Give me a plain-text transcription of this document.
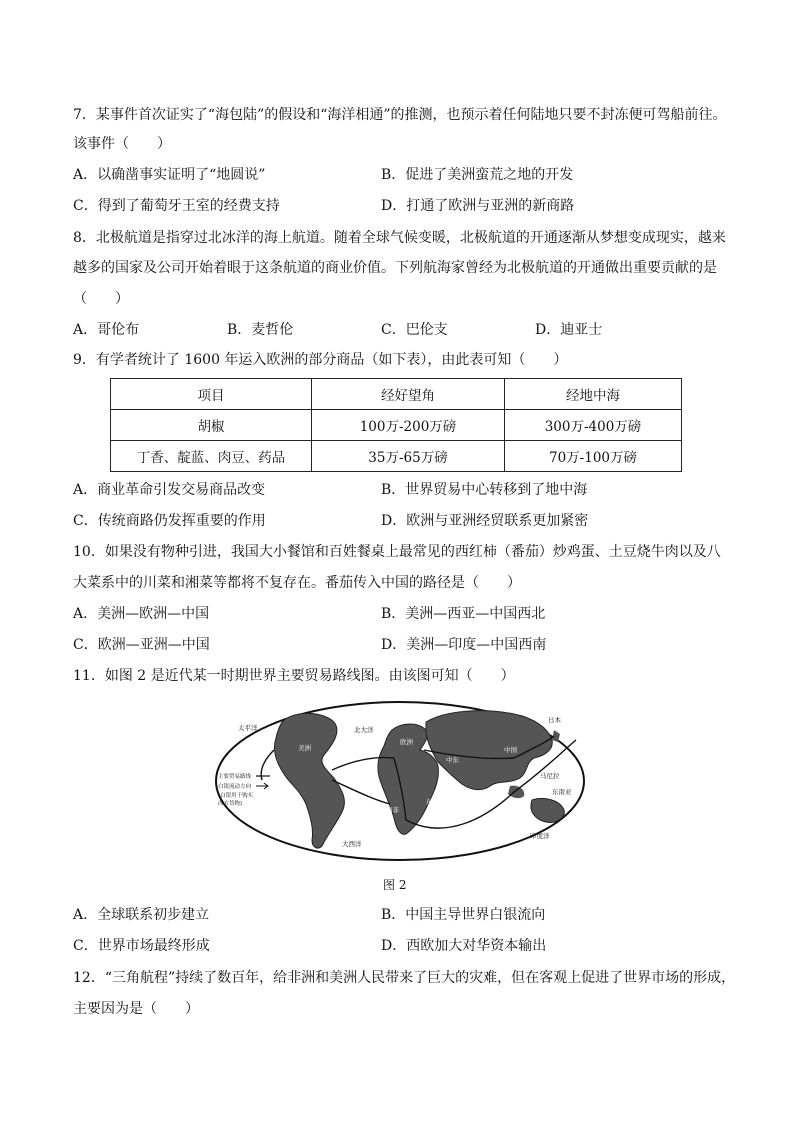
7．某事件首次证实了“海包陆”的假设和“海洋相通”的推测，也预示着任何陆地只要不封冻便可驾船前往。
该事件（　　）
A．以确凿事实证明了“地圆说”	B．促进了美洲蛮荒之地的开发
C．得到了葡萄牙王室的经费支持	D．打通了欧洲与亚洲的新商路
8．北极航道是指穿过北冰洋的海上航道。随着全球气候变暖，北极航道的开通逐渐从梦想变成现实，越来
越多的国家及公司开始着眼于这条航道的商业价值。下列航海家曾经为北极航道的开通做出重要贡献的是
（　　）
A．哥伦布	B．麦哲伦	C．巴伦支	D．迪亚士
9．有学者统计了 1600 年运入欧洲的部分商品（如下表），由此表可知（　　）
项目	经好望角	经地中海
胡椒	100万-200万磅	300万-400万磅
丁香、靛蓝、肉豆、药品	35万-65万磅	70万-100万磅
A．商业革命引发交易商品改变	B．世界贸易中心转移到了地中海
C．传统商路仍发挥重要的作用	D．欧洲与亚洲经贸联系更加紧密
10．如果没有物种引进，我国大小餐馆和百姓餐桌上最常见的西红柿（番茄）炒鸡蛋、土豆烧牛肉以及八
大菜系中的川菜和湘菜等都将不复存在。番茄传入中国的路径是（　　）
A．美洲—欧洲—中国	B．美洲—西亚—中国西北
C．欧洲—亚洲—中国	D．美洲—印度—中国西南
11．如图 2 是近代某一时期世界主要贸易路线图。由该图可知（　　）
太平洋	北大洋
大西洋
印度洋
日本
中国
马尼拉
美洲
欧洲
中东
西非
东非
东南亚
主要贸易路线
白银流动方向
(白银用于购买
西方货物)
图 2
A．全球联系初步建立	B．中国主导世界白银流向
C．世界市场最终形成	D．西欧加大对华资本输出
12．“三角航程”持续了数百年，给非洲和美洲人民带来了巨大的灾难，但在客观上促进了世界市场的形成，
主要因为是（　　）
